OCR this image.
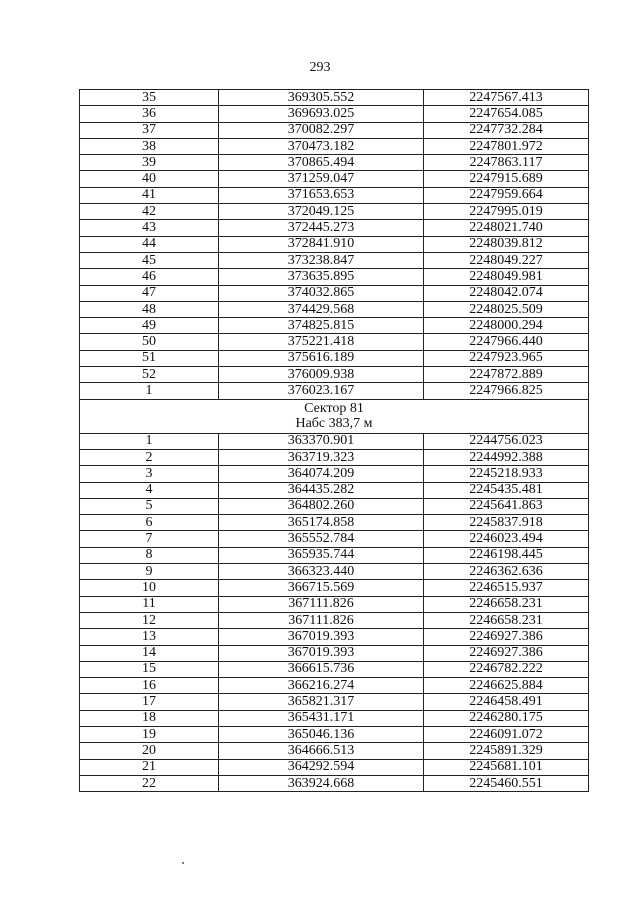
293
35	369305.552	2247567.413
36	369693.025	2247654.085
37	370082.297	2247732.284
38	370473.182	2247801.972
39	370865.494	2247863.117
40	371259.047	2247915.689
41	371653.653	2247959.664
42	372049.125	2247995.019
43	372445.273	2248021.740
44	372841.910	2248039.812
45	373238.847	2248049.227
46	373635.895	2248049.981
47	374032.865	2248042.074
48	374429.568	2248025.509
49	374825.815	2248000.294
50	375221.418	2247966.440
51	375616.189	2247923.965
52	376009.938	2247872.889
1	376023.167	2247966.825

Сектор 81
Набс 383,7 м		

1	363370.901	2244756.023
2	363719.323	2244992.388
3	364074.209	2245218.933
4	364435.282	2245435.481
5	364802.260	2245641.863
6	365174.858	2245837.918
7	365552.784	2246023.494
8	365935.744	2246198.445
9	366323.440	2246362.636
10	366715.569	2246515.937
11	367111.826	2246658.231
12	367111.826	2246658.231
13	367019.393	2246927.386
14	367019.393	2246927.386
15	366615.736	2246782.222
16	366216.274	2246625.884
17	365821.317	2246458.491
18	365431.171	2246280.175
19	365046.136	2246091.072
20	364666.513	2245891.329
21	364292.594	2245681.101
22	363924.668	2245460.551
